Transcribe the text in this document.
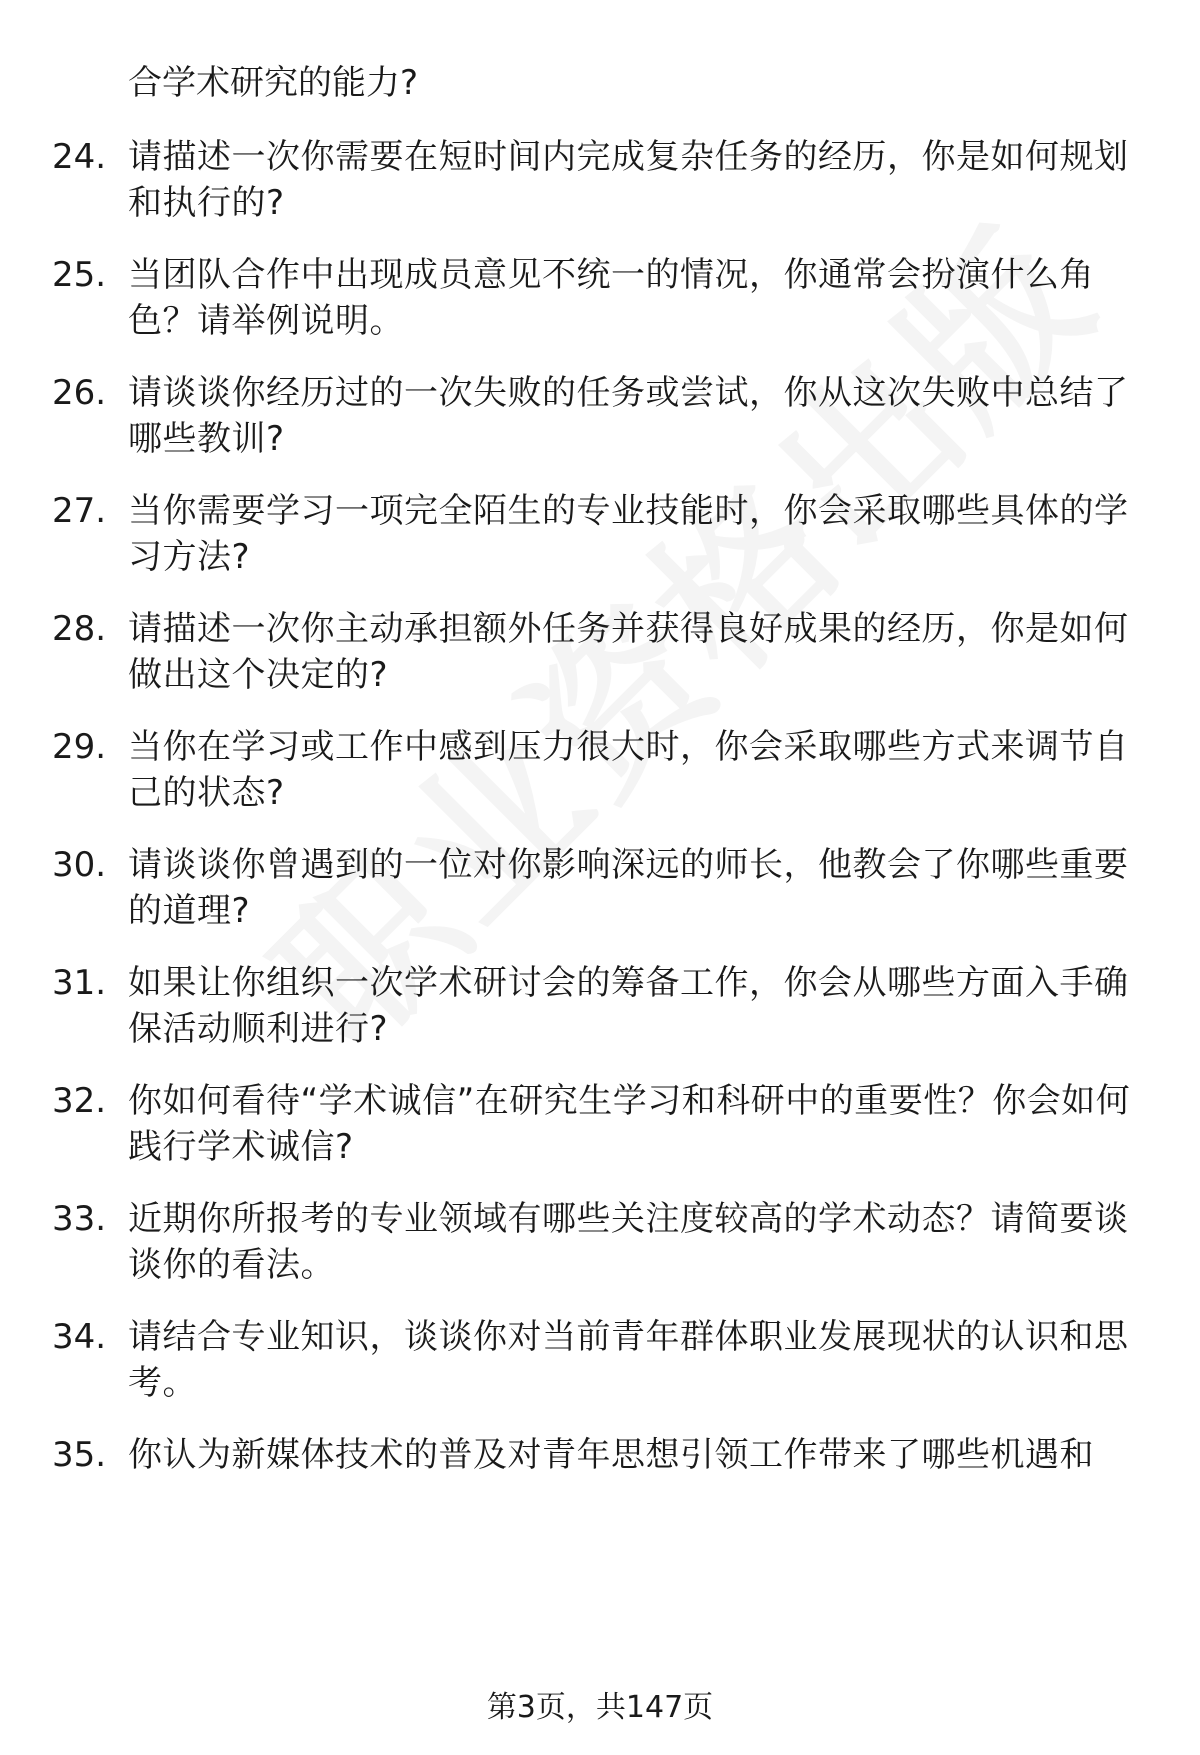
合学术研究的能力?
24. 请描述一次你需要在短时间内完成复杂任务的经历，你是如何规划和执行的?
25. 当团队合作中出现成员意见不统一的情况，你通常会扮演什么角色？请举例说明。
26. 请谈谈你经历过的一次失败的任务或尝试，你从这次失败中总结了哪些教训?
27. 当你需要学习一项完全陌生的专业技能时，你会采取哪些具体的学习方法?
28. 请描述一次你主动承担额外任务并获得良好成果的经历，你是如何做出这个决定的?
29. 当你在学习或工作中感到压力很大时，你会采取哪些方式来调节自己的状态?
30. 请谈谈你曾遇到的一位对你影响深远的师长，他教会了你哪些重要的道理?
31. 如果让你组织一次学术研讨会的筹备工作，你会从哪些方面入手确保活动顺利进行?
32. 你如何看待“学术诚信”在研究生学习和科研中的重要性？你会如何践行学术诚信?
33. 近期你所报考的专业领域有哪些关注度较高的学术动态？请简要谈谈你的看法。
34. 请结合专业知识，谈谈你对当前青年群体职业发展现状的认识和思考。
35. 你认为新媒体技术的普及对青年思想引领工作带来了哪些机遇和
第3页，共147页
